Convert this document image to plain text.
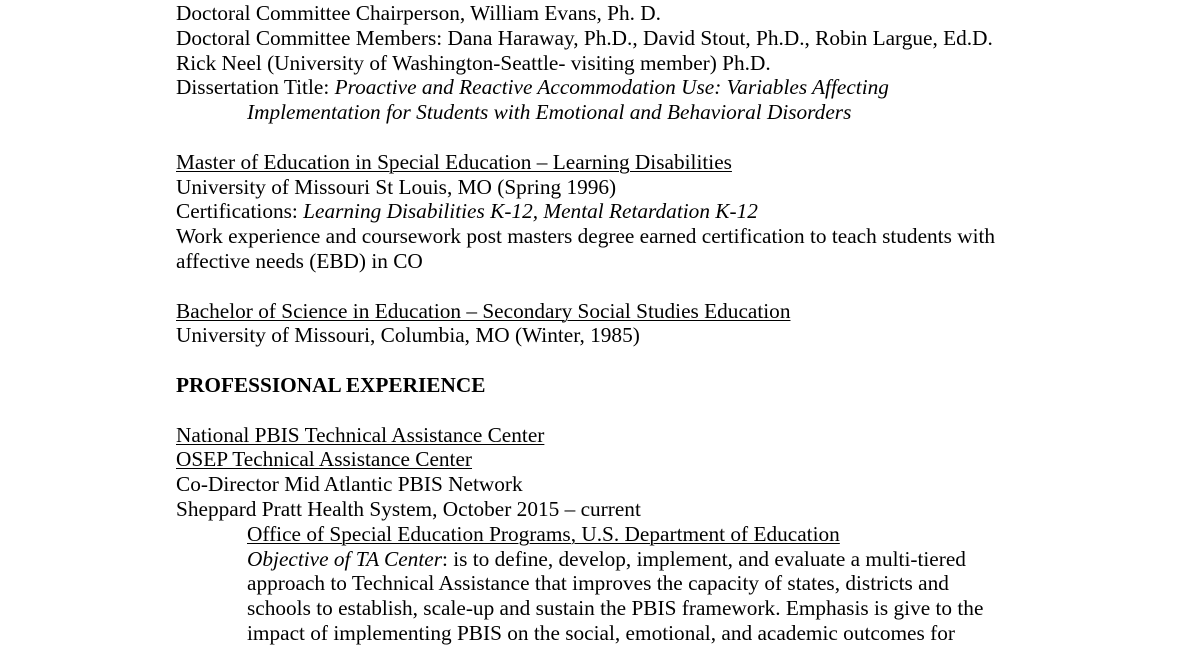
Doctoral Committee Chairperson, William Evans, Ph. D.
Doctoral Committee Members: Dana Haraway, Ph.D., David Stout, Ph.D., Robin Largue, Ed.D.
Rick Neel (University of Washington-Seattle- visiting member) Ph.D.
Dissertation Title: Proactive and Reactive Accommodation Use: Variables Affecting
Implementation for Students with Emotional and Behavioral Disorders
Master of Education in Special Education – Learning Disabilities
University of Missouri St Louis, MO (Spring 1996)
Certifications: Learning Disabilities K-12, Mental Retardation K-12
Work experience and coursework post masters degree earned certification to teach students with
affective needs (EBD) in CO
Bachelor of Science in Education – Secondary Social Studies Education
University of Missouri, Columbia, MO (Winter, 1985)
PROFESSIONAL EXPERIENCE
National PBIS Technical Assistance Center
OSEP Technical Assistance Center
Co-Director Mid Atlantic PBIS Network
Sheppard Pratt Health System, October 2015 – current
Office of Special Education Programs, U.S. Department of Education
Objective of TA Center: is to define, develop, implement, and evaluate a multi-tiered
approach to Technical Assistance that improves the capacity of states, districts and
schools to establish, scale-up and sustain the PBIS framework. Emphasis is give to the
impact of implementing PBIS on the social, emotional, and academic outcomes for
